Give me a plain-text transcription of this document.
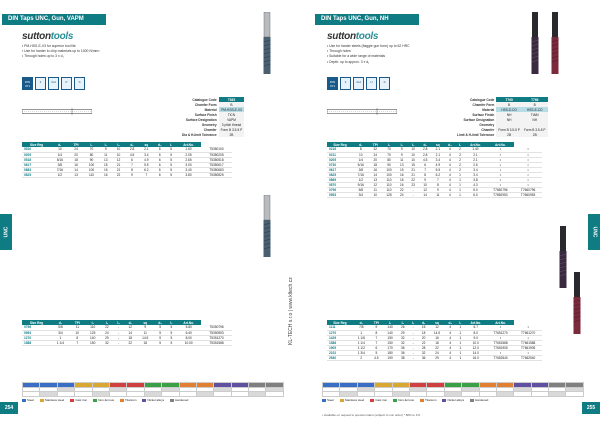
DIN Taps UNC, Gun, VAPM
suttontools
• PM-HSS-E-V3 for superior tool life
• Use for harder to chip materials up to 1000 N/mm²
• Through holes up to 3 x d₁
DIN 371
3	3xd	P	S
Catalogue Code	T535
Chamfer Form	B
Material	PM-HSS-E-V3
Surface Finish	TiCN
Surface Designation	VAPM
Geometry	3 pitch thread
Chamfer	Form B 3.5-5 P
Dia & H-limit Tolerance	2B
Size Reg	d₁	TPI	l₁	l₂	l₃	d₂	sq	d₄	L	Art.No.	
0510	10	24	70	9	10	2.8	2.1	6	5	1.60	T5350100
0205	1/4	20	80	11	10	4.5	3.4	6	5	2.05	T5350205
0518	5/16	18	90	13	12	6	4.9	6	5	2.65	T5350518
0617	3/8	16	100	15	21	7	5.5	6	5	3.00	T5350617
0683	7/16	14	100	16	21	8	6.2	6	5	3.40	T5350683
0825	1/2	13	110	16	22	9	7	6	5	3.80	T5350825
Size Reg	d₁	TPI	l₁	l₂	l₃	d₂	sq	d₄	L	Art.No.	
0796	5/8	11	110	22	-	12	9	5	5	5.80	T5350796
0953	3/4	10	125	24	-	14	11	5	5	6.40	T5350953
1270	1	8	140	29	-	18	14.5	5	5	8.00	T5351270
1588	1 1/4	7	150	32	-	22	18	5	5	10.00	T5351588
UNC

Steel	Stainless steel	Cast iron	Non-ferrous	Titanium	Nickel alloys	Hardened
254
KL-TECH s.r.o | www.kltech.cz
DIN Taps UNC, Gun, NH
suttontools
• Use for harder steels (flaggle gun form) up to 62 HRC
• Through holes
• Suitable for a wide range of materials
• Depth: up to approx. 3 x d₁
DIN 371
3	3xd	H	S
Catalogue Code	T765	T766
Chamfer Form	B	B
Material	HSS-E-CO	HSS-E-CO
Surface Finish	NH	TiAlN
Surface Designation	NH	NH
Geometry		
Chamfer	Form B 3.5-5 P	Form B 3.5-5 P
Limit & H-limit Tolerance	2B	2B
Size Reg	d₁	TPI	l₁	l₂	l₃	d₂	sq	d₄	L	Art.No.	Art.No.	
0216	8	32	70	9	10	2.8	2.1	4	2	1.40	•	•
0211	10	24	70	9	10	2.8	2.1	4	2	2.1	•	•
0205	1/4	20	80	11	10	4.5	3.4	4	2	2.1	•	•
0730	5/16	18	90	13	15	6	4.9	4	2	2.6	•	•
0617	3/8	16	100	15	21	7	5.5	4	2	3.4	•	•
0825	7/16	14	100	16	21	8	6.2	4	1	3.4	•	•
0869	1/2	13	110	16	22	9	7	4	1	3.8	•	•
0870	9/16	12	110	16	23	10	8	4	1	4.3	•	•
0796	5/8	11	110	22	-	12	9	4	1	5.0	T7650796	T7660796
0953	3/4	10	125	24	-	14	11	4	1	6.0	T7650953	T7660953
Size Reg	d₁	TPI	l₁	l₂	l₃	d₂	sq	d₄	L	Art.No.	Art.No.	
1111	7/8	9	140	26	-	16	12	4	1	6.7	•	•
1270	1	8	140	29	-	18	14.5	4	1	8.0	T7651270	T7661270
1429	1 1/8	7	150	32	-	20	16	4	1	9.0	•	•
1588	1 1/4	7	150	32	-	22	18	4	1	10.0	T7651588	T7661588
1905	1 1/2	6	170	36	-	28	22	4	1	12.0	T7651905	T7661905
2222	1 3/4	5	180	36	-	32	24	4	1	14.0	•	•
2540	2	4.5	190	38	-	36	29	4	1	16.0	T7652540	T7662540
UNC

Steel	Stainless steel	Cast iron	Non-ferrous	Titanium	Nickel alloys	Hardened
• Available on request to special orders (subject to min order) * 80% to 1%
255
